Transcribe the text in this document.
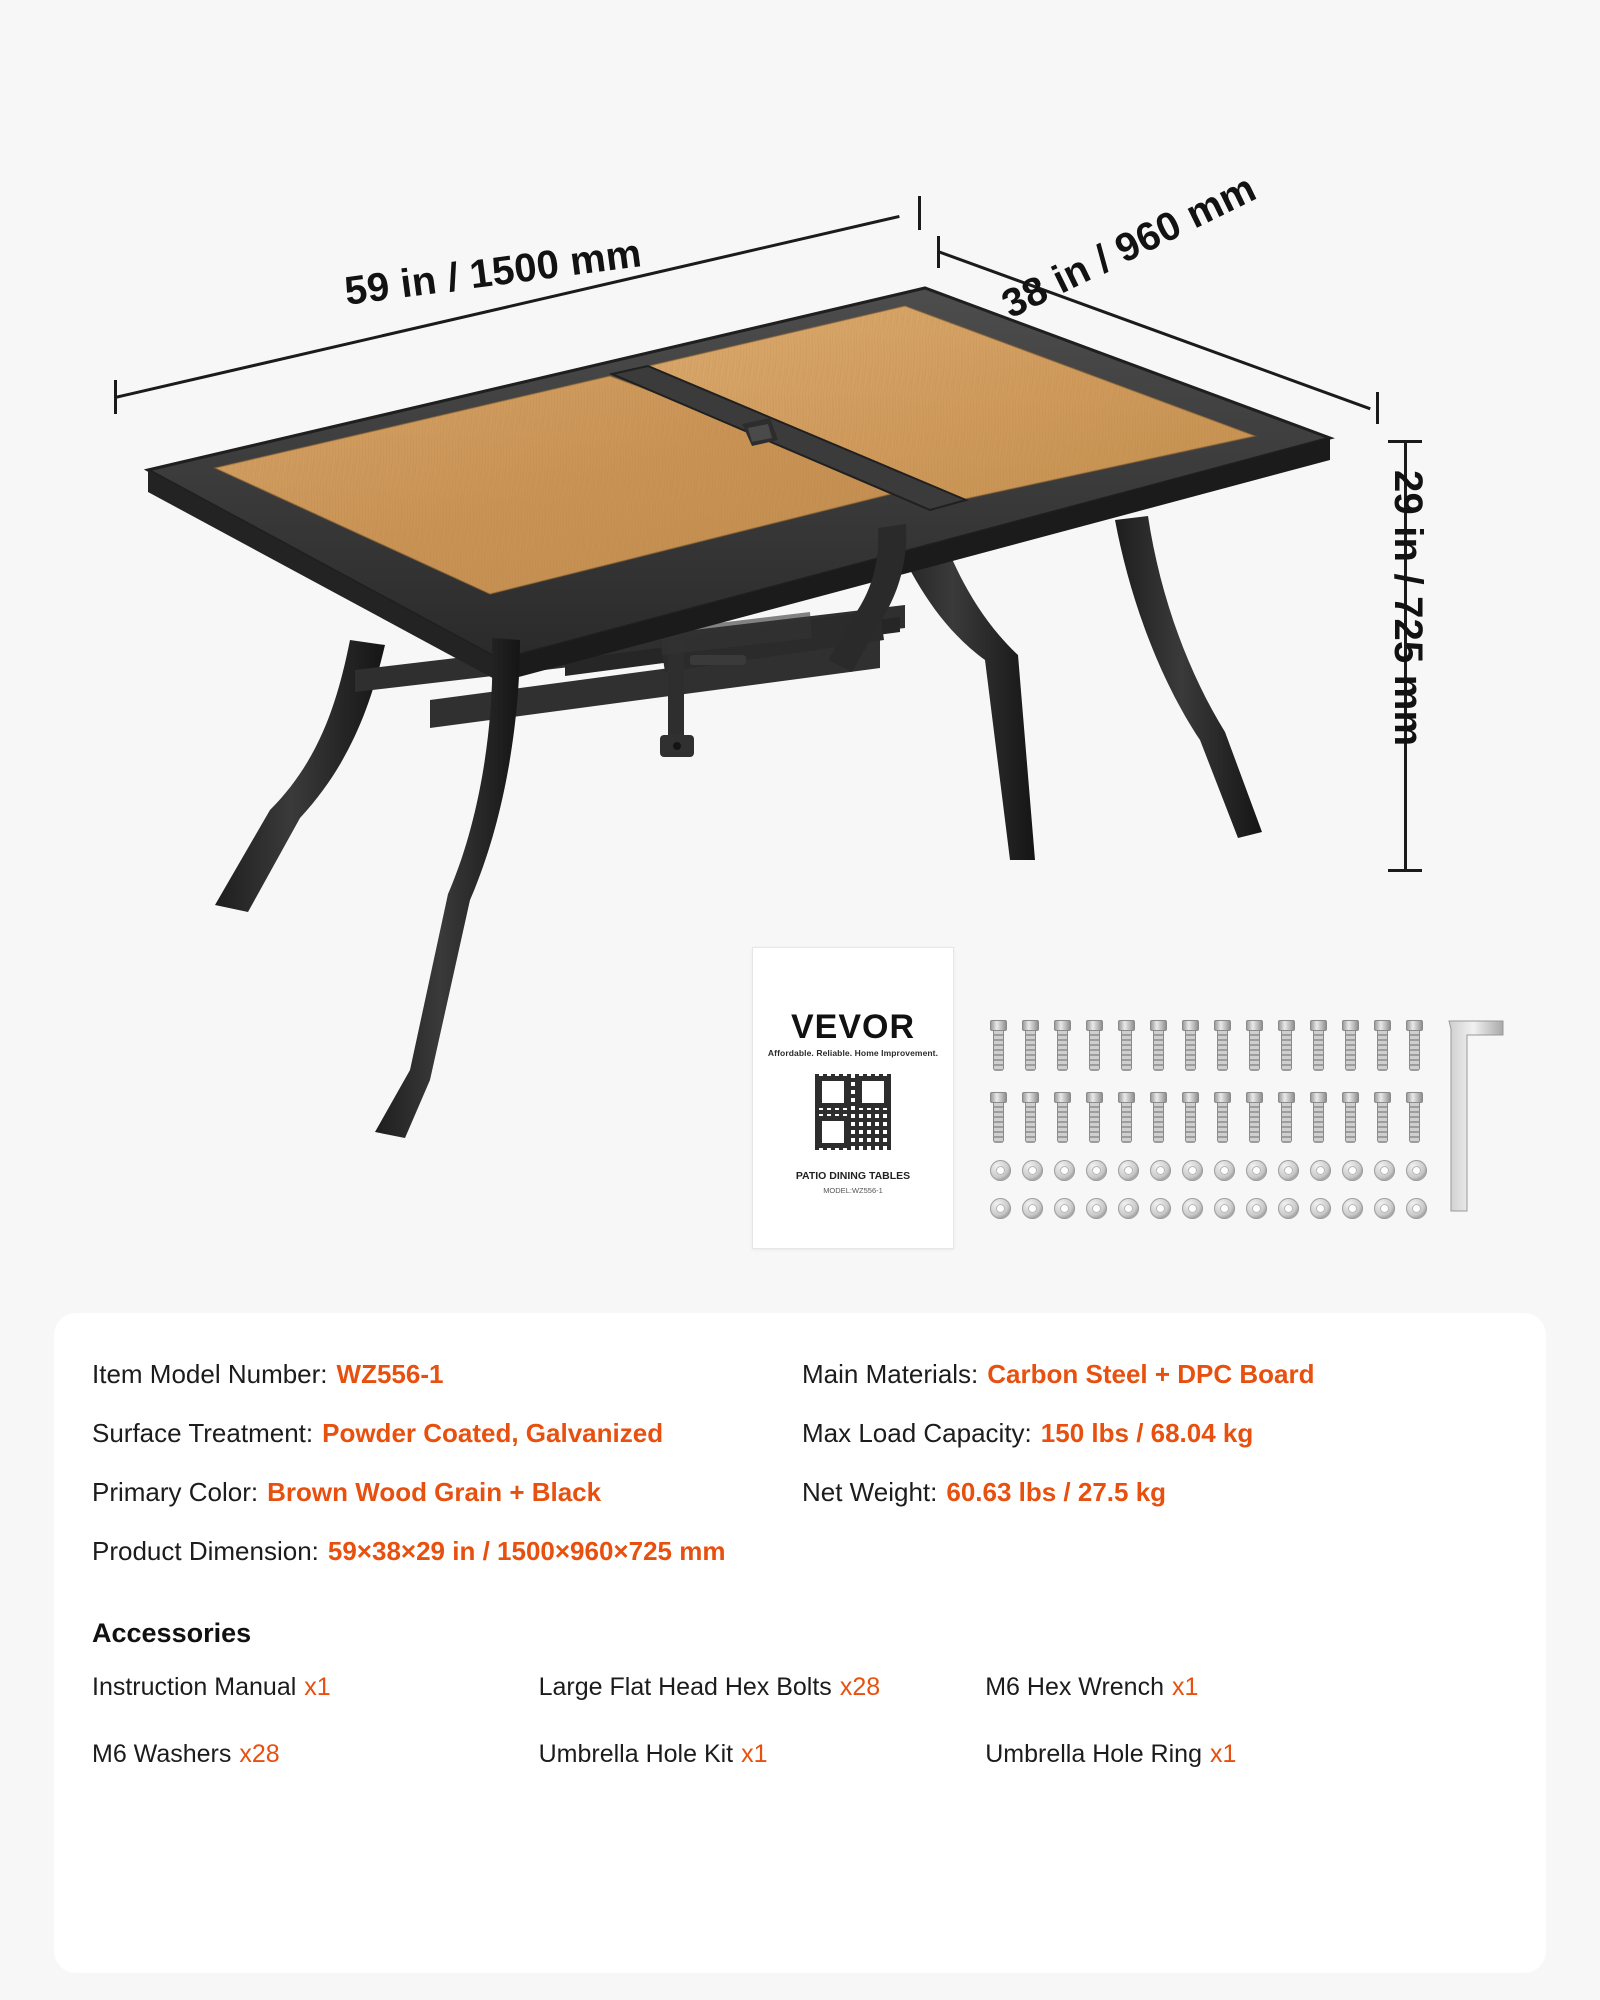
59 in / 1500 mm	38 in / 960 mm
29 in / 725 mm
VEVOR
Affordable. Reliable. Home Improvement.
PATIO DINING TABLES
MODEL:WZ556-1
Item Model Number: WZ556-1	Main Materials: Carbon Steel + DPC Board
Surface Treatment: Powder Coated, Galvanized	Max Load Capacity: 150 lbs / 68.04 kg
Primary Color: Brown Wood Grain + Black	Net Weight: 60.63 lbs / 27.5 kg
Product Dimension: 59×38×29 in / 1500×960×725 mm
Accessories
Instruction Manual x1	Large Flat Head Hex Bolts x28	M6 Hex Wrench x1
M6 Washers x28	Umbrella Hole Kit x1	Umbrella Hole Ring x1
